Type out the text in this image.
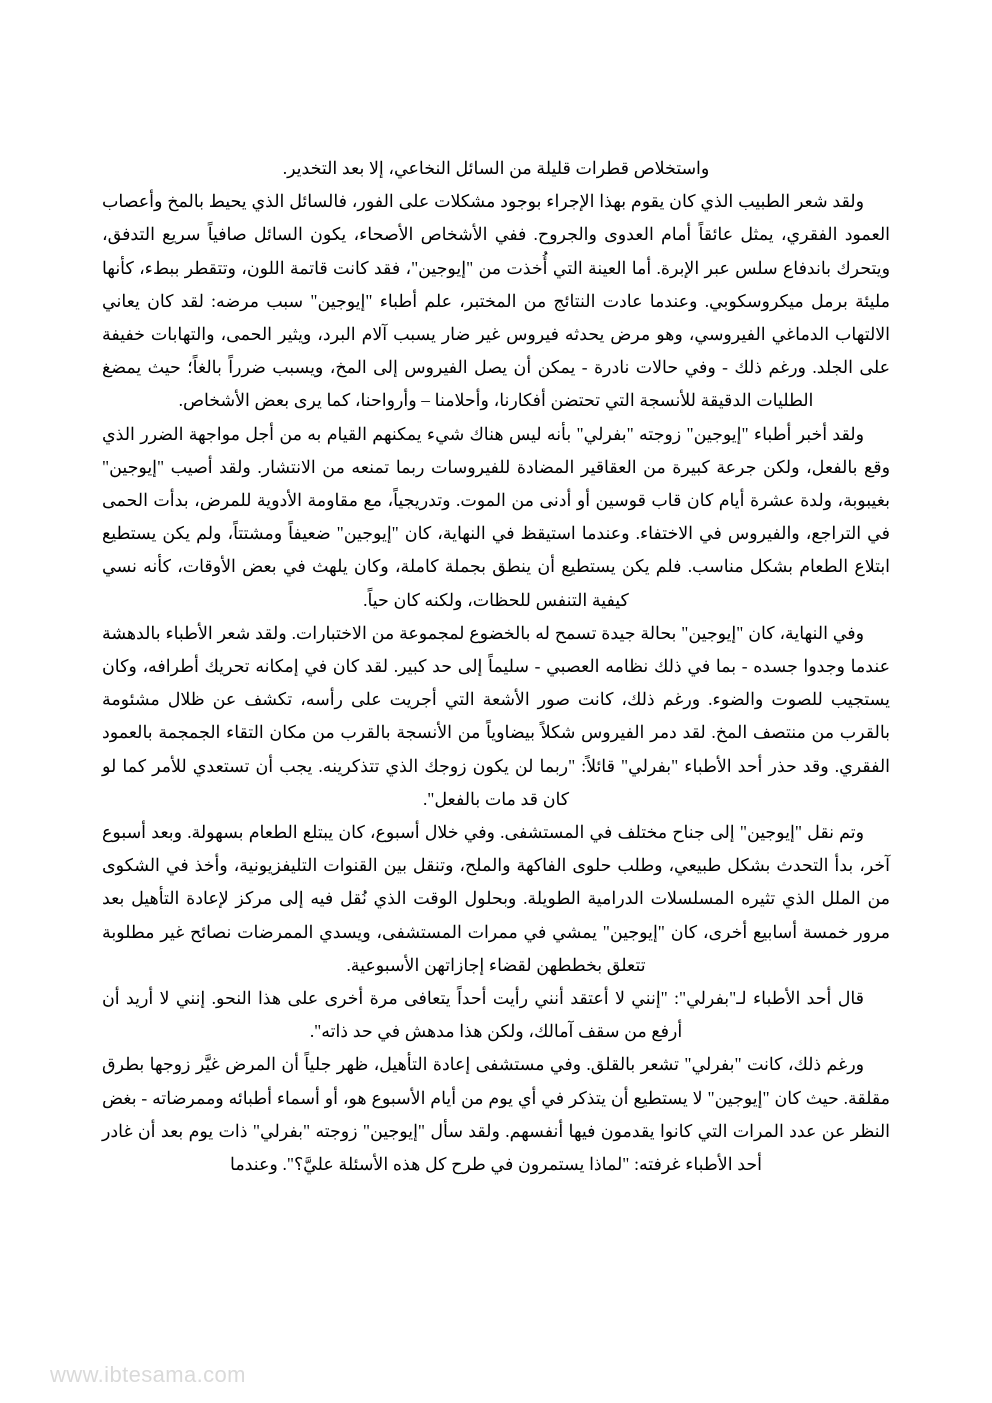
واستخلاص قطرات قليلة من السائل النخاعي، إلا بعد التخدير.

ولقد شعر الطبيب الذي كان يقوم بهذا الإجراء بوجود مشكلات على الفور، فالسائل الذي يحيط بالمخ وأعصاب العمود الفقري، يمثل عائقاً أمام العدوى والجروح. ففي الأشخاص الأصحاء، يكون السائل صافياً سريع التدفق، ويتحرك باندفاع سلس عبر الإبرة. أما العينة التي أُخذت من "إيوجين"، فقد كانت قاتمة اللون، وتتقطر ببطء، كأنها مليئة برمل ميكروسكوبي. وعندما عادت النتائج من المختبر، علم أطباء "إيوجين" سبب مرضه: لقد كان يعاني الالتهاب الدماغي الفيروسي، وهو مرض يحدثه فيروس غير ضار يسبب آلام البرد، ويثير الحمى، والتهابات خفيفة على الجلد. ورغم ذلك - وفي حالات نادرة - يمكن أن يصل الفيروس إلى المخ، ويسبب ضرراً بالغاً؛ حيث يمضغ الطليات الدقيقة للأنسجة التي تحتضن أفكارنا، وأحلامنا – وأرواحنا، كما يرى بعض الأشخاص.

ولقد أخبر أطباء "إيوجين" زوجته "بفرلي" بأنه ليس هناك شيء يمكنهم القيام به من أجل مواجهة الضرر الذي وقع بالفعل، ولكن جرعة كبيرة من العقاقير المضادة للفيروسات ربما تمنعه من الانتشار. ولقد أصيب "إيوجين" بغيبوبة، ولدة عشرة أيام كان قاب قوسين أو أدنى من الموت. وتدريجياً، مع مقاومة الأدوية للمرض، بدأت الحمى في التراجع، والفيروس في الاختفاء. وعندما استيقظ في النهاية، كان "إيوجين" ضعيفاً ومشتتاً، ولم يكن يستطيع ابتلاع الطعام بشكل مناسب. فلم يكن يستطيع أن ينطق بجملة كاملة، وكان يلهث في بعض الأوقات، كأنه نسي كيفية التنفس للحظات، ولكنه كان حياً.

وفي النهاية، كان "إيوجين" بحالة جيدة تسمح له بالخضوع لمجموعة من الاختبارات. ولقد شعر الأطباء بالدهشة عندما وجدوا جسده - بما في ذلك نظامه العصبي - سليماً إلى حد كبير. لقد كان في إمكانه تحريك أطرافه، وكان يستجيب للصوت والضوء. ورغم ذلك، كانت صور الأشعة التي أجريت على رأسه، تكشف عن ظلال مشئومة بالقرب من منتصف المخ. لقد دمر الفيروس شكلاً بيضاوياً من الأنسجة بالقرب من مكان التقاء الجمجمة بالعمود الفقري. وقد حذر أحد الأطباء "بفرلي" قائلاً: "ربما لن يكون زوجك الذي تتذكرينه. يجب أن تستعدي للأمر كما لو كان قد مات بالفعل".

وتم نقل "إيوجين" إلى جناح مختلف في المستشفى. وفي خلال أسبوع، كان يبتلع الطعام بسهولة. وبعد أسبوع آخر، بدأ التحدث بشكل طبيعي، وطلب حلوى الفاكهة والملح، وتنقل بين القنوات التليفزيونية، وأخذ في الشكوى من الملل الذي تثيره المسلسلات الدرامية الطويلة. وبحلول الوقت الذي نُقل فيه إلى مركز لإعادة التأهيل بعد مرور خمسة أسابيع أخرى، كان "إيوجين" يمشي في ممرات المستشفى، ويسدي الممرضات نصائح غير مطلوبة تتعلق بخططهن لقضاء إجازاتهن الأسبوعية.

قال أحد الأطباء لـ"بفرلي": "إنني لا أعتقد أنني رأيت أحداً يتعافى مرة أخرى على هذا النحو. إنني لا أريد أن أرفع من سقف آمالك، ولكن هذا مدهش في حد ذاته".

ورغم ذلك، كانت "بفرلي" تشعر بالقلق. وفي مستشفى إعادة التأهيل، ظهر جلياً أن المرض غيَّر زوجها بطرق مقلقة. حيث كان "إيوجين" لا يستطيع أن يتذكر في أي يوم من أيام الأسبوع هو، أو أسماء أطبائه وممرضاته - بغض النظر عن عدد المرات التي كانوا يقدمون فيها أنفسهم. ولقد سأل "إيوجين" زوجته "بفرلي" ذات يوم بعد أن غادر أحد الأطباء غرفته: "لماذا يستمرون في طرح كل هذه الأسئلة عليَّ؟". وعندما

www.ibtesama.com
